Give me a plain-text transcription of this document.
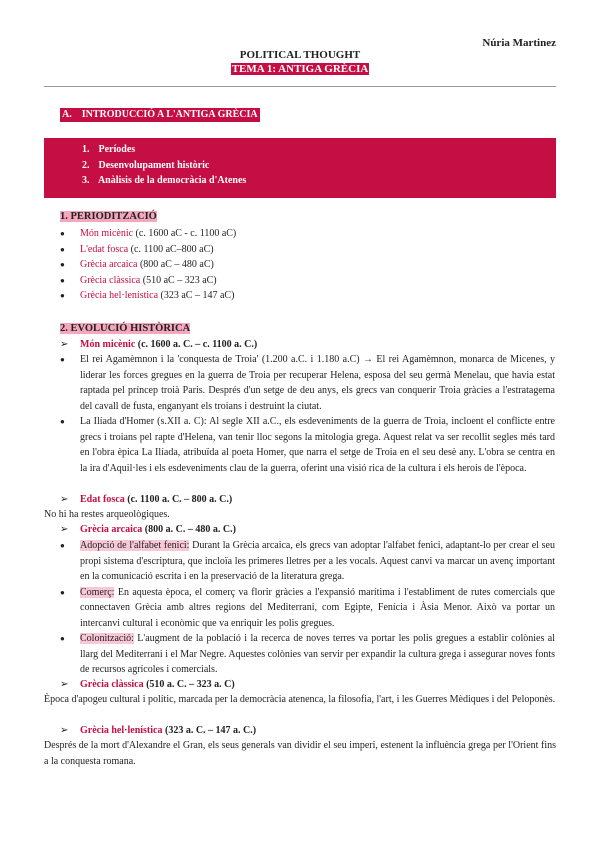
Núria Martinez
POLITICAL THOUGHT
TEMA 1: ANTIGA GRÈCIA
A. INTRODUCCIÓ A L'ANTIGA GRÈCIA
1. Períodes
2. Desenvolupament històric
3. Anàlisis de la democràcia d'Atenes
1. PERIODITZACIÓ
● Món micènic (c. 1600 aC - c. 1100 aC)
● L'edat fosca (c. 1100 aC–800 aC)
● Grècia arcaica (800 aC – 480 aC)
● Grècia clàssica (510 aC – 323 aC)
● Grècia hel·lenística (323 aC – 147 aC)
2. EVOLUCIÓ HISTÒRICA
➢ Món micènic (c. 1600 a. C. – c. 1100 a. C.)
● El rei Agamèmnon i la 'conquesta de Troia' (1.200 a.C. i 1.180 a.C) → El rei Agamèmnon, monarca de Micenes, y liderar les forces gregues en la guerra de Troia per recuperar Helena, esposa del seu germà Menelau, que havia estat raptada pel príncep troià Paris. Després d'un setge de deu anys, els grecs van conquerir Troia gràcies a l'estratagema del cavall de fusta, enganyant els troians i destruint la ciutat.
● La Ilíada d'Homer (s.XII a. C): Al segle XII a.C., els esdeveniments de la guerra de Troia, incloent el conflicte entre grecs i troians pel rapte d'Helena, van tenir lloc segons la mitologia grega. Aquest relat va ser recollit segles més tard en l'obra èpica La Ilíada, atribuïda al poeta Homer, que narra el setge de Troia en el seu desè any. L'obra se centra en la ira d'Aquil·les i els esdeveniments clau de la guerra, oferint una visió rica de la cultura i els herois de l'època.
➢ Edat fosca (c. 1100 a. C. – 800 a. C.)
No hi ha restes arqueològiques.
➢ Grècia arcaica (800 a. C. – 480 a. C.)
● Adopció de l'alfabet fenici: Durant la Grècia arcaica, els grecs van adoptar l'alfabet fenici, adaptant-lo per crear el seu propi sistema d'escriptura, que incloïa les primeres lletres per a les vocals. Aquest canvi va marcar un avenç important en la comunicació escrita i en la preservació de la literatura grega.
● Comerç: En aquesta època, el comerç va florir gràcies a l'expansió marítima i l'establiment de rutes comercials que connectaven Grècia amb altres regions del Mediterrani, com Egipte, Fenícia i Àsia Menor. Això va portar un intercanvi cultural i econòmic que va enriquir les polis gregues.
● Colonització: L'augment de la població i la recerca de noves terres va portar les polis gregues a establir colònies al llarg del Mediterrani i el Mar Negre. Aquestes colònies van servir per expandir la cultura grega i assegurar noves fonts de recursos agrícoles i comercials.
➢ Grècia clàssica (510 a. C. – 323 a. C)
Època d'apogeu cultural i polític, marcada per la democràcia atenenca, la filosofia, l'art, i les Guerres Mèdiques i del Peloponès.
➢ Grècia hel·lenística (323 a. C. – 147 a. C.)
Després de la mort d'Alexandre el Gran, els seus generals van dividir el seu imperi, estenent la influència grega per l'Orient fins a la conquesta romana.
